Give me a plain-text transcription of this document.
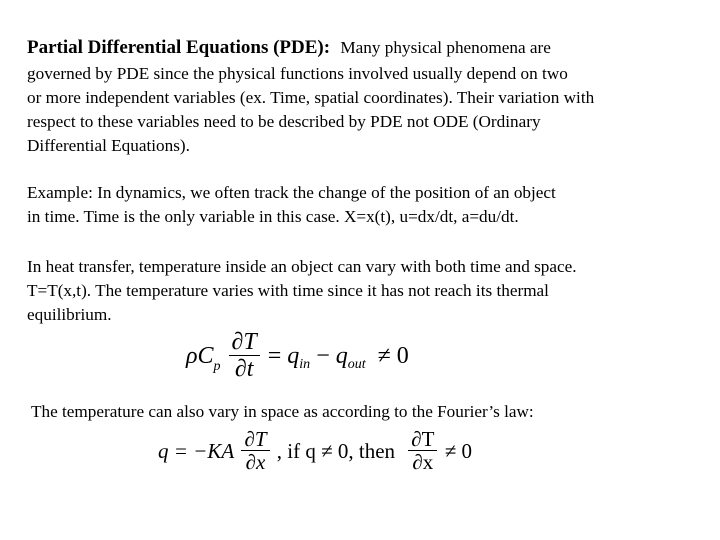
Partial Differential Equations (PDE): Many physical phenomena are
governed by PDE since the physical functions involved usually depend on two
or more independent variables (ex. Time, spatial coordinates). Their variation with
respect to these variables need to be described by PDE not ODE (Ordinary
Differential Equations).
Example: In dynamics, we often track the change of the position of an object
in time. Time is the only variable in this case. X=x(t), u=dx/dt, a=du/dt.
In heat transfer, temperature inside an object can vary with both time and space.
T=T(x,t). The temperature varies with time since it has not reach its thermal
equilibrium.
ρCp $\frac{\partial T}{\partial t}$ = qin − qout ≠ 0
The temperature can also vary in space as according to the Fourier’s law:
$q = -KA \frac{\partial T}{\partial x}$ , if q ≠ 0, then $\frac{\partial T}{\partial x} \ne 0$
